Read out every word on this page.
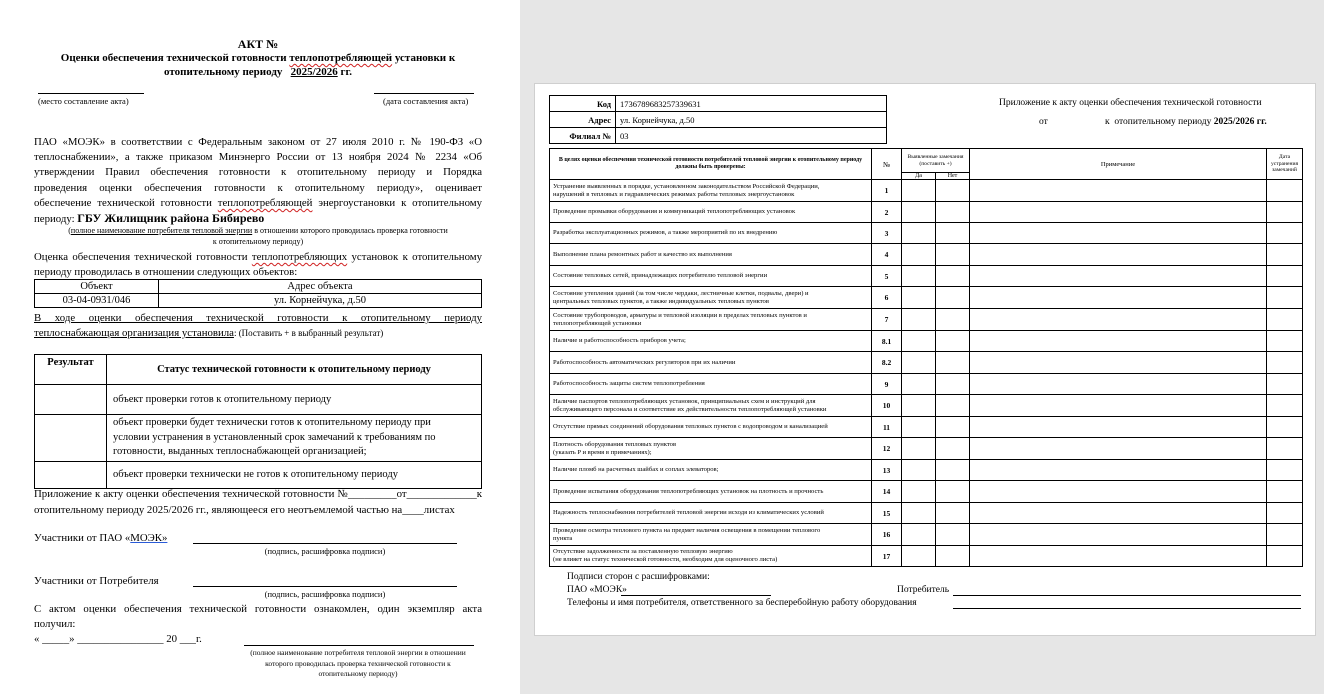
АКТ №
Оценки обеспечения технической готовности теплопотребляющей установки к
отопительному периоду 2025/2026 гг.
(место составление акта)	(дата составления акта)
ПАО «МОЭК» в соответствии с Федеральным законом от 27 июля 2010 г. № 190-ФЗ «О
теплоснабжении», а также приказом Минэнерго России от 13 ноября 2024 № 2234 «Об
утверждении Правил обеспечения готовности к отопительному периоду и Порядка
проведения оценки обеспечения готовности к отопительному периоду», оценивает
обеспечение технической готовности теплопотребляющей энергоустановки к отопительному
периоду: ГБУ Жилищник района Бибирево
(полное наименование потребителя тепловой энергии в отношении которого проводилась проверка готовности
к отопительному периоду)
Оценка обеспечения технической готовности теплопотребляющих установок к отопительному
периоду проводилась в отношении следующих объектов:
Объект	Адрес объекта
03-04-0931/046	ул. Корнейчука, д.50
В ходе оценки обеспечения технической готовности к отопительному периоду
теплоснабжающая организация установила: (Поставить + в выбранный результат)
Результат	Статус технической готовности к отопительному периоду
	объект проверки готов к отопительному периоду

	объект проверки будет технически готов к отопительному периоду при
условии устранения в установленный срок замечаний к требованиям по
готовности, выданных теплоснабжающей организацией;

	объект проверки технически не готов к отопительному периоду
Приложение к акту оценки обеспечения технической готовности №_________от_____________к
отопительному периоду 2025/2026 гг., являющееся его неотъемлемой частью на____листах
Участники от ПАО «МОЭК»
(подпись, расшифровка подписи)
Участники от Потребителя
(подпись, расшифровка подписи)
С актом оценки обеспечения технической готовности ознакомлен, один экземпляр акта
получил:
« _____» ________________ 20 ___г.
(полное наименование потребителя тепловой энергии в отношении
которого проводилась проверка технической готовности к
отопительному периоду)
Код	1736789683257339631
Адрес	ул. Корнейчука, д.50
Филиал №	03
Приложение к акту оценки обеспечения технической готовности
от	к отопительному периоду 2025/2026 гг.
В целях оценки обеспечения технической готовности потребителей тепловой энергии к отопительному периоду должны быть проверены:	№	Выявленные замечания (поставить +)		Примечание	Дата устранения замечаний
		Да	Нет		

Устранение выявленных в порядке, установленном законодательством Российской Федерации,
нарушений в тепловых и гидравлических режимах работы тепловых энергоустановок	1				

Проведение промывки оборудования и коммуникаций теплопотребляющих установок	2				

Разработка эксплуатационных режимов, а также мероприятий по их внедрению	3				

Выполнение плана ремонтных работ и качество их выполнения	4				

Состояние тепловых сетей, принадлежащих потребителю тепловой энергии	5				

Состояние утепления зданий (за том числе чердаки, лестничные клетки, подвалы, двери) и
центральных тепловых пунктов, а также индивидуальных тепловых пунктов	6				

Состояние трубопроводов, арматуры и тепловой изоляции в пределах тепловых пунктов и
теплопотребляющей установки	7				

Наличие и работоспособность приборов учета;	8.1				

Работоспособность автоматических регуляторов при их наличии	8.2				

Работоспособность защиты систем теплопотребления	9				

Наличие паспортов теплопотребляющих установок, принципиальных схем и инструкций для
обслуживающего персонала и соответствие их действительности теплопотребляющей установки	10				

Отсутствие прямых соединений оборудования тепловых пунктов с водопроводом и канализацией	11				

Плотность оборудования тепловых пунктов
(указать P и время в примечаниях);	12				

Наличие пломб на расчетных шайбах и соплах элеваторов;	13				

Проведение испытания оборудования теплопотребляющих установок на плотность и прочность	14				

Надежность теплоснабжения потребителей тепловой энергии исходя из климатических условий	15				

Проведение осмотра теплового пункта на предмет наличия освещения в помещении теплового
пункта	16				

Отсутствие задолженности за поставленную тепловую энергию
(не влияет на статус технической готовности, необходим для оценочного листа)	17				
Подписи сторон с расшифровками:
ПАО «МОЭК»	Потребитель
Телефоны и имя потребителя, ответственного за бесперебойную работу оборудования
